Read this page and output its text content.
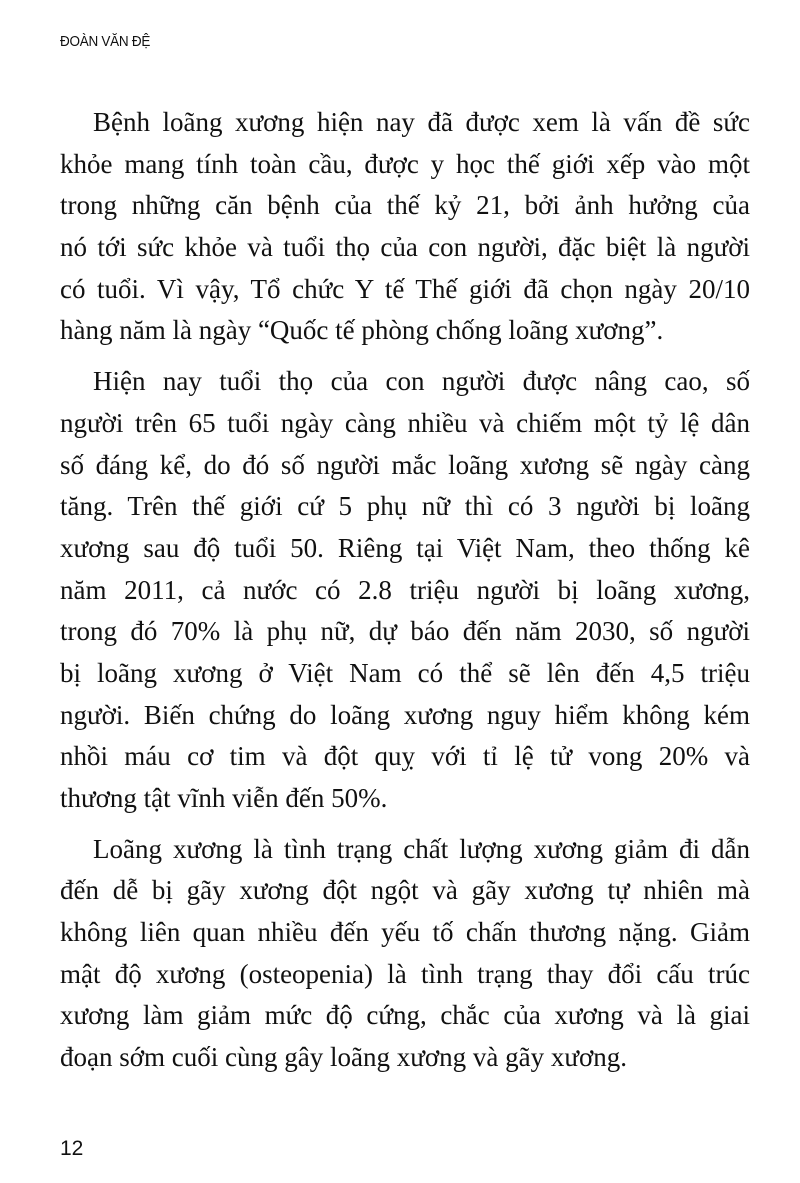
ĐOÀN VĂN ĐỆ
Bệnh loãng xương hiện nay đã được xem là vấn đề sức
khỏe mang tính toàn cầu, được y học thế giới xếp vào một
trong những căn bệnh của thế kỷ 21, bởi ảnh hưởng của
nó tới sức khỏe và tuổi thọ của con người, đặc biệt là người
có tuổi. Vì vậy, Tổ chức Y tế Thế giới đã chọn ngày 20/10
hàng năm là ngày “Quốc tế phòng chống loãng xương”.
Hiện nay tuổi thọ của con người được nâng cao, số
người trên 65 tuổi ngày càng nhiều và chiếm một tỷ lệ dân
số đáng kể, do đó số người mắc loãng xương sẽ ngày càng
tăng. Trên thế giới cứ 5 phụ nữ thì có 3 người bị loãng
xương sau độ tuổi 50. Riêng tại Việt Nam, theo thống kê
năm 2011, cả nước có 2.8 triệu người bị loãng xương,
trong đó 70% là phụ nữ, dự báo đến năm 2030, số người
bị loãng xương ở Việt Nam có thể sẽ lên đến 4,5 triệu
người. Biến chứng do loãng xương nguy hiểm không kém
nhồi máu cơ tim và đột quỵ với tỉ lệ tử vong 20% và
thương tật vĩnh viễn đến 50%.
Loãng xương là tình trạng chất lượng xương giảm đi dẫn
đến dễ bị gãy xương đột ngột và gãy xương tự nhiên mà
không liên quan nhiều đến yếu tố chấn thương nặng. Giảm
mật độ xương (osteopenia) là tình trạng thay đổi cấu trúc
xương làm giảm mức độ cứng, chắc của xương và là giai
đoạn sớm cuối cùng gây loãng xương và gãy xương.
12
